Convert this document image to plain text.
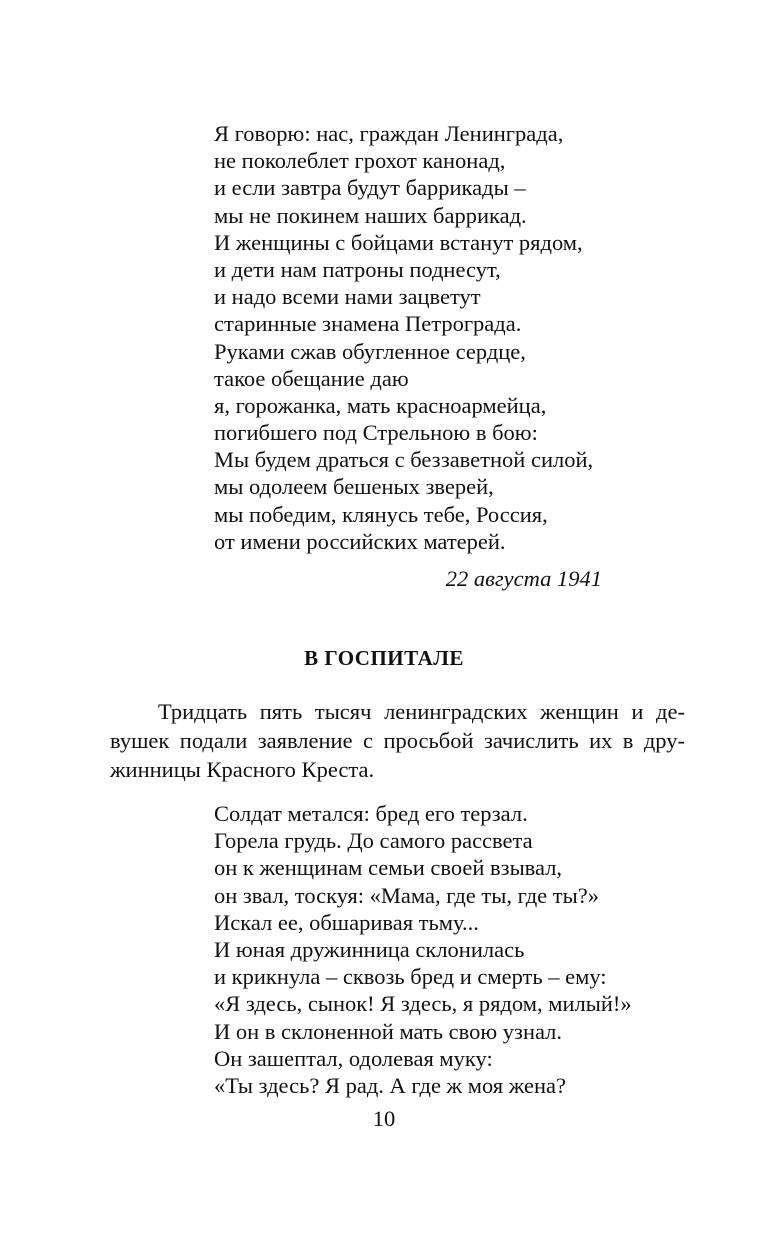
Я говорю: нас, граждан Ленинграда,
не поколеблет грохот канонад,
и если завтра будут баррикады –
мы не покинем наших баррикад.
И женщины с бойцами встанут рядом,
и дети нам патроны поднесут,
и надо всеми нами зацветут
старинные знамена Петрограда.
Руками сжав обугленное сердце,
такое обещание даю
я, горожанка, мать красноармейца,
погибшего под Стрельною в бою:
Мы будем драться с беззаветной силой,
мы одолеем бешеных зверей,
мы победим, клянусь тебе, Россия,
от имени российских матерей.
22 августа 1941
В ГОСПИТАЛЕ
Тридцать пять тысяч ленинградских женщин и де-
вушек подали заявление с просьбой зачислить их в дру-
жинницы Красного Креста.
Солдат метался: бред его терзал.
Горела грудь. До самого рассвета
он к женщинам семьи своей взывал,
он звал, тоскуя: «Мама, где ты, где ты?»
Искал ее, обшаривая тьму...
И юная дружинница склонилась
и крикнула – сквозь бред и смерть – ему:
«Я здесь, сынок! Я здесь, я рядом, милый!»
И он в склоненной мать свою узнал.
Он зашептал, одолевая муку:
«Ты здесь? Я рад. А где ж моя жена?
10
